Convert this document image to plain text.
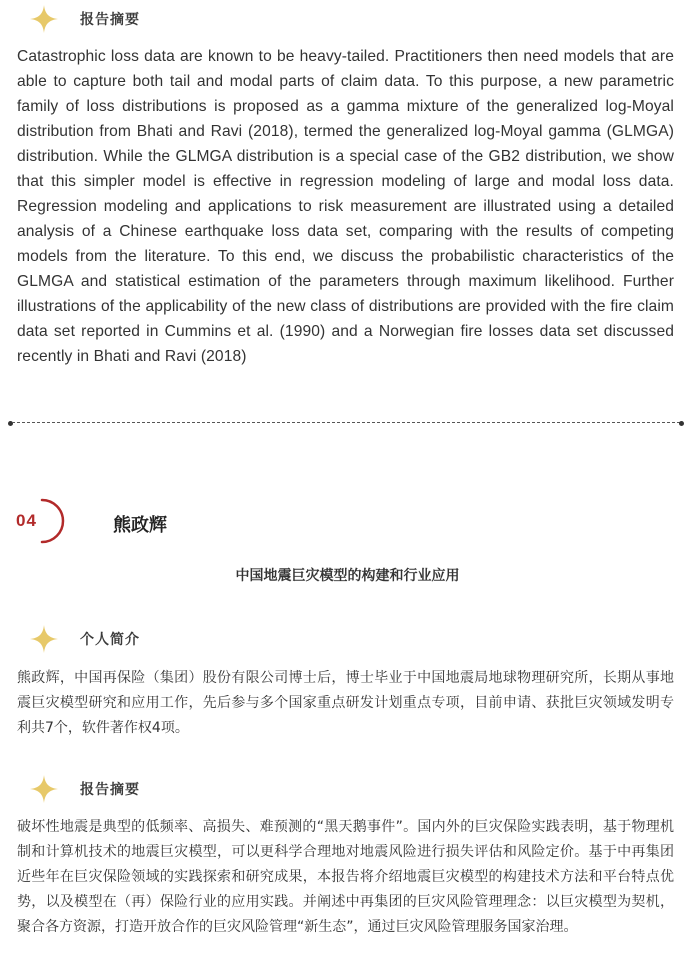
报告摘要

Catastrophic loss data are known to be heavy-tailed. Practitioners then need models that are able to capture both tail and modal parts of claim data. To this purpose, a new parametric family of loss distributions is proposed as a gamma mixture of the generalized log-Moyal distribution from Bhati and Ravi (2018), termed the generalized log-Moyal gamma (GLMGA) distribution. While the GLMGA distribution is a special case of the GB2 distribution, we show that this simpler model is effective in regression modeling of large and modal loss data. Regression modeling and applications to risk measurement are illustrated using a detailed analysis of a Chinese earthquake loss data set, comparing with the results of competing models from the literature. To this end, we discuss the probabilistic characteristics of the GLMGA and statistical estimation of the parameters through maximum likelihood. Further illustrations of the applicability of the new class of distributions are provided with the fire claim data set reported in Cummins et al. (1990) and a Norwegian fire losses data set discussed recently in Bhati and Ravi (2018)

04	熊政辉
中国地震巨灾模型的构建和行业应用
个人简介

熊政辉，中国再保险（集团）股份有限公司博士后，博士毕业于中国地震局地球物理研究所，长期从事地震巨灾模型研究和应用工作，先后参与多个国家重点研发计划重点专项，目前申请、获批巨灾领域发明专利共7个，软件著作权4项。

报告摘要

破坏性地震是典型的低频率、高损失、难预测的“黑天鹅事件”。国内外的巨灾保险实践表明，基于物理机制和计算机技术的地震巨灾模型，可以更科学合理地对地震风险进行损失评估和风险定价。基于中再集团近些年在巨灾保险领域的实践探索和研究成果，本报告将介绍地震巨灾模型的构建技术方法和平台特点优势，以及模型在（再）保险行业的应用实践。并阐述中再集团的巨灾风险管理理念：以巨灾模型为契机，聚合各方资源，打造开放合作的巨灾风险管理“新生态”，通过巨灾风险管理服务国家治理。
